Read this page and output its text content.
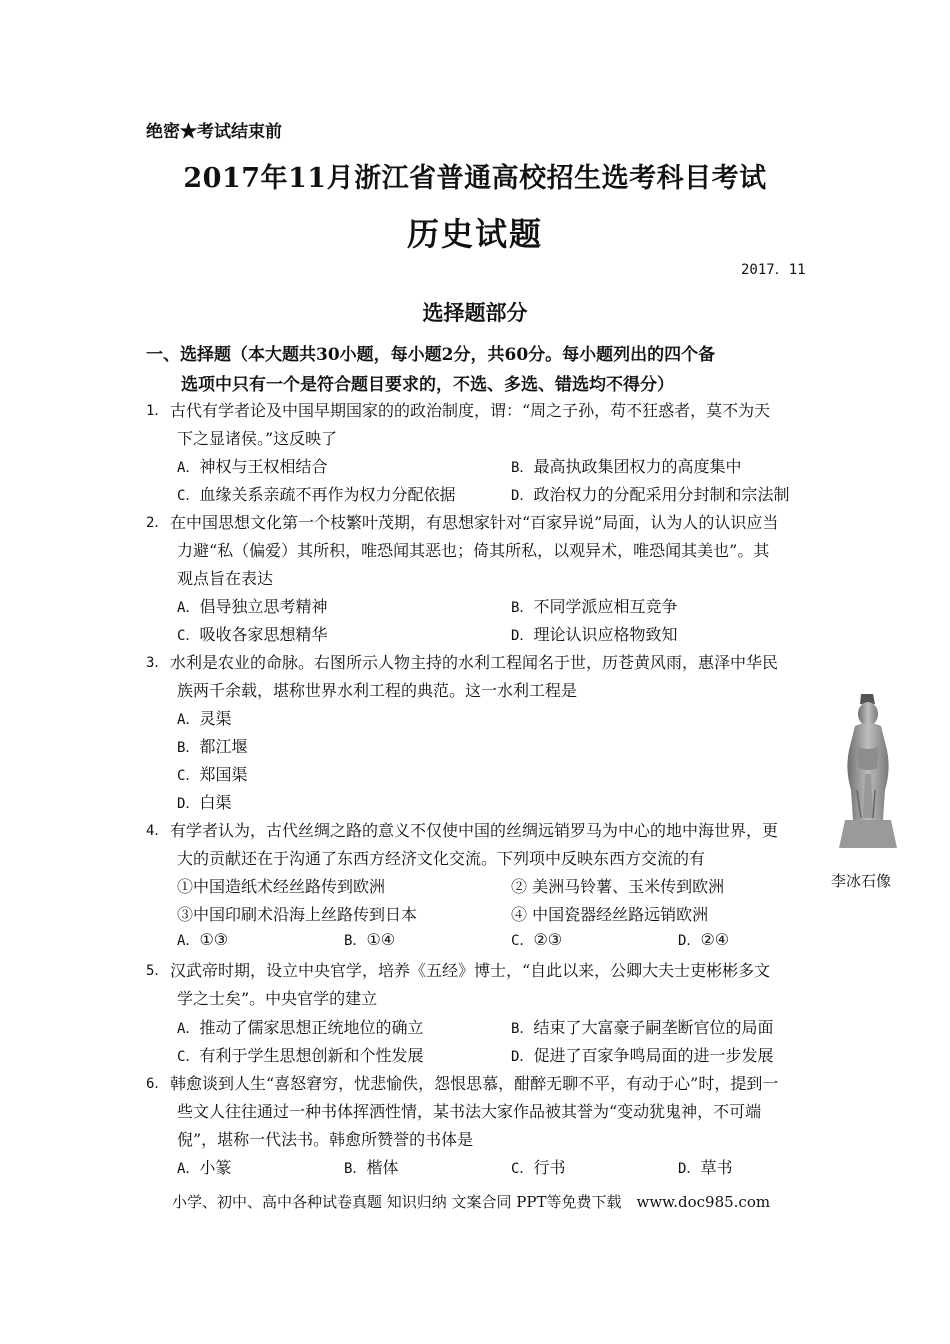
绝密★考试结束前
2017年11月浙江省普通高校招生选考科目考试
历史试题
2017．11
选择题部分
一、选择题（本大题共30小题，每小题2分，共60分。每小题列出的四个备
选项中只有一个是符合题目要求的，不选、多选、错选均不得分）
1． 古代有学者论及中国早期国家的的政治制度，谓：“周之子孙，苟不狂惑者，莫不为天
下之显诸侯。”这反映了
A．神权与王权相结合	B．最高执政集团权力的高度集中
C．血缘关系亲疏不再作为权力分配依据	D．政治权力的分配采用分封制和宗法制
2． 在中国思想文化第一个枝繁叶茂期，有思想家针对“百家异说”局面，认为人的认识应当
力避“私（偏爱）其所积，唯恐闻其恶也；倚其所私，以观异术，唯恐闻其美也”。其
观点旨在表达
A．倡导独立思考精神	B．不同学派应相互竞争
C．吸收各家思想精华	D．理论认识应格物致知
3． 水利是农业的命脉。右图所示人物主持的水利工程闻名于世，历苍黄风雨，惠泽中华民
族两千余载，堪称世界水利工程的典范。这一水利工程是
A．灵渠
B．都江堰
C．郑国渠
D．白渠
李冰石像
4． 有学者认为，古代丝绸之路的意义不仅使中国的丝绸远销罗马为中心的地中海世界，更
大的贡献还在于沟通了东西方经济文化交流。下列项中反映东西方交流的有
①中国造纸术经丝路传到欧洲	② 美洲马铃薯、玉米传到欧洲
③中国印刷术沿海上丝路传到日本	④ 中国瓷器经丝路远销欧洲
A．①③	B．①④	C．②③	D．②④
5． 汉武帝时期，设立中央官学，培养《五经》博士，“自此以来，公卿大夫士吏彬彬多文
学之士矣”。中央官学的建立
A．推动了儒家思想正统地位的确立	B．结束了大富豪子嗣垄断官位的局面
C．有利于学生思想创新和个性发展	D．促进了百家争鸣局面的进一步发展
6． 韩愈谈到人生“喜怒窘穷，忧悲愉佚，怨恨思慕，酣醉无聊不平，有动于心”时，提到一
些文人往往通过一种书体挥洒性情，某书法大家作品被其誉为“变动犹鬼神，不可端
倪”，堪称一代法书。韩愈所赞誉的书体是
A．小篆	B．楷体	C．行书	D．草书
小学、初中、高中各种试卷真题 知识归纳 文案合同 PPT等免费下载　www.doc985.com
